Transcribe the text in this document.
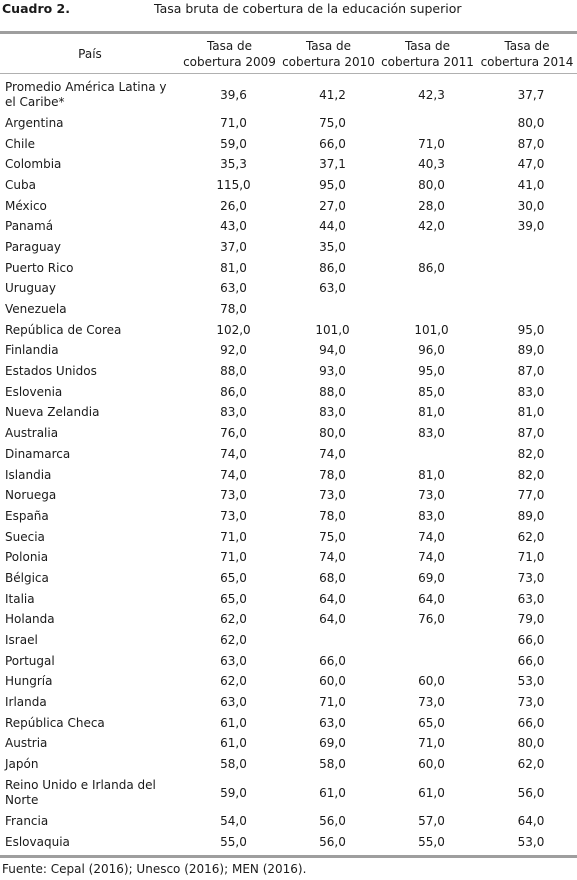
Cuadro 2.	Tasa bruta de cobertura de la educación superior
País	Tasa de cobertura 2009	Tasa de cobertura 2010	Tasa de cobertura 2011	Tasa de cobertura 2014
Promedio América Latina y el Caribe*	39,6	41,2	42,3	37,7
Argentina	71,0	75,0		80,0
Chile	59,0	66,0	71,0	87,0
Colombia	35,3	37,1	40,3	47,0
Cuba	115,0	95,0	80,0	41,0
México	26,0	27,0	28,0	30,0
Panamá	43,0	44,0	42,0	39,0
Paraguay	37,0	35,0		
Puerto Rico	81,0	86,0	86,0	
Uruguay	63,0	63,0		
Venezuela	78,0			
República de Corea	102,0	101,0	101,0	95,0
Finlandia	92,0	94,0	96,0	89,0
Estados Unidos	88,0	93,0	95,0	87,0
Eslovenia	86,0	88,0	85,0	83,0
Nueva Zelandia	83,0	83,0	81,0	81,0
Australia	76,0	80,0	83,0	87,0
Dinamarca	74,0	74,0		82,0
Islandia	74,0	78,0	81,0	82,0
Noruega	73,0	73,0	73,0	77,0
España	73,0	78,0	83,0	89,0
Suecia	71,0	75,0	74,0	62,0
Polonia	71,0	74,0	74,0	71,0
Bélgica	65,0	68,0	69,0	73,0
Italia	65,0	64,0	64,0	63,0
Holanda	62,0	64,0	76,0	79,0
Israel	62,0			66,0
Portugal	63,0	66,0		66,0
Hungría	62,0	60,0	60,0	53,0
Irlanda	63,0	71,0	73,0	73,0
República Checa	61,0	63,0	65,0	66,0
Austria	61,0	69,0	71,0	80,0
Japón	58,0	58,0	60,0	62,0
Reino Unido e Irlanda del Norte	59,0	61,0	61,0	56,0
Francia	54,0	56,0	57,0	64,0
Eslovaquia	55,0	56,0	55,0	53,0
Fuente: Cepal (2016); Unesco (2016); MEN (2016).
